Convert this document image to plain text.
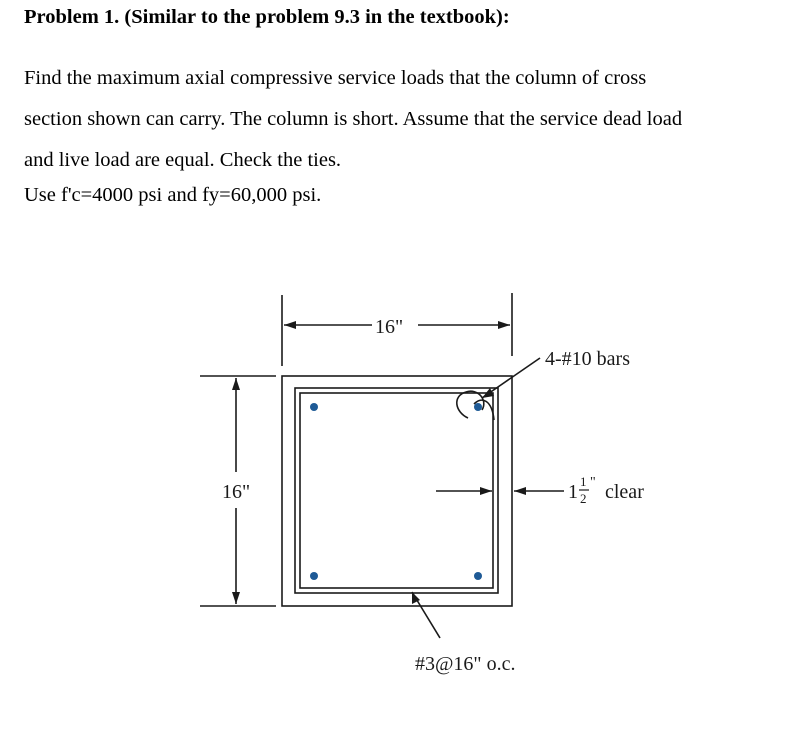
Problem 1. (Similar to the problem 9.3 in the textbook):
Find the maximum axial compressive service loads that the column of cross
section shown can carry. The column is short. Assume that the service dead load
and live load are equal. Check the ties.
Use f'c=4000 psi and fy=60,000 psi.
16"
16"
4-#10 bars
1 1
2
" clear
#3@16" o.c.
